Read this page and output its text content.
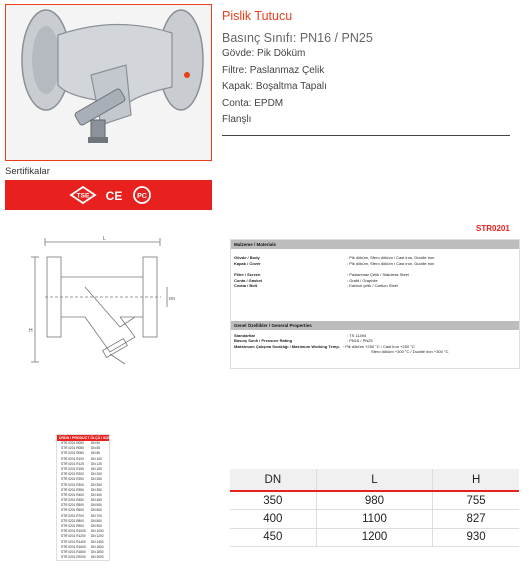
Pislik Tutucu
Basınç Sınıfı: PN16 / PN25
Gövde: Pik Döküm
Filtre: Paslanmaz Çelik
Kapak: Boşaltma Tapalı
Conta: EPDM
Flanşlı
Sertifikalar
TSE CE PC
STR0201
L
H
DN
Malzeme / Materials
Gövde / Body	: Pik döküm, Sfero döküm / Cast iron, Ductile iron
Kapak / Cover	: Pik döküm, Sfero döküm / Cast iron, Ductile iron
Filtre / Screen	: Paslanmaz Çelik / Stainless Steel
Conta / Gasket	: Grafit / Graphite
Cıvata / Bolt	: Karbon çelik / Carbon Steel
Genel Özellikler / General Properties
Standartlar	: TS 11494
Basınç Sınıfı / Pressure Rating	: PN16 / PN25
Maksimum Çalışma Sıcaklığı / Maximum Working Temp. : Pik döküm +250 °C / Cast iron +250 °C
Sfero döküm +300 °C / Ductile iron +300 °C
ÜRÜN / PRODUCT ÖLÇÜ / SIZE
STR 0201 R050 DN 50
STR 0201 R065 DN 65
STR 0201 R080 DN 80
STR 0201 R100 DN 100
STR 0201 R125 DN 125
STR 0201 R150 DN 150
STR 0201 R200 DN 200
STR 0201 R250 DN 250
STR 0201 R300 DN 300
STR 0201 R350 DN 350
STR 0201 R400 DN 400
STR 0201 R450 DN 450
STR 0201 R500 DN 500
STR 0201 R600 DN 600
STR 0201 R700 DN 700
STR 0201 R800 DN 800
STR 0201 R900 DN 900
STR 0201 R1000 DN 1000
STR 0201 R1200 DN 1200
STR 0201 R1400 DN 1400
STR 0201 R1600 DN 1600
STR 0201 R1800 DN 1800
STR 0201 R2000 DN 2000
DN	L	H
350	980	755
400	1100	827
450	1200	930
